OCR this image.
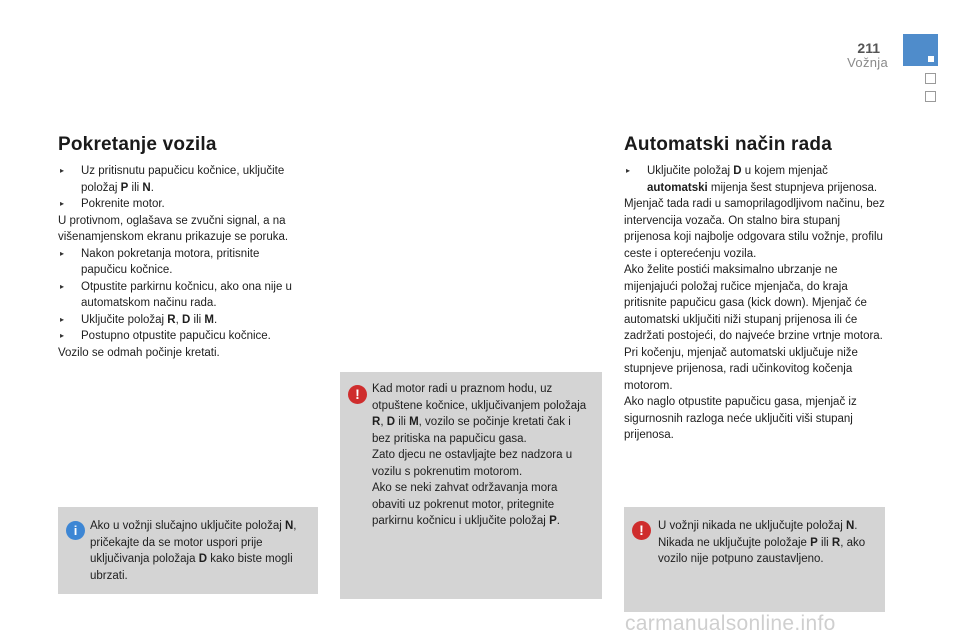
211
Vožnja
Pokretanje vozila

▸ Uz pritisnutu papučicu kočnice, uključite položaj P ili N.

▸ Pokrenite motor.

U protivnom, oglašava se zvučni signal, a na višenamjenskom ekranu prikazuje se poruka.

▸ Nakon pokretanja motora, pritisnite papučicu kočnice.

▸ Otpustite parkirnu kočnicu, ako ona nije u automatskom načinu rada.

▸ Uključite položaj R, D ili M.

▸ Postupno otpustite papučicu kočnice.

Vozilo se odmah počinje kretati.

i	Ako u vožnji slučajno uključite položaj N, pričekajte da se motor uspori prije uključivanja položaja D kako biste mogli ubrzati.

!	Kad motor radi u praznom hodu, uz otpuštene kočnice, uključivanjem položaja R, D ili M, vozilo se počinje kretati čak i bez pritiska na papučicu gasa.

Zato djecu ne ostavljajte bez nadzora u vozilu s pokrenutim motorom.

Ako se neki zahvat održavanja mora obaviti uz pokrenut motor, pritegnite parkirnu kočnicu i uključite položaj P.

Automatski način rada

▸ Uključite položaj D u kojem mjenjač automatski mijenja šest stupnjeva prijenosa.

Mjenjač tada radi u samoprilagodljivom načinu, bez intervencija vozača. On stalno bira stupanj prijenosa koji najbolje odgovara stilu vožnje, profilu ceste i opterećenju vozila.

Ako želite postići maksimalno ubrzanje ne mijenjajući položaj ručice mjenjača, do kraja pritisnite papučicu gasa (kick down). Mjenjač će automatski uključiti niži stupanj prijenosa ili će zadržati postojeći, do najveće brzine vrtnje motora.

Pri kočenju, mjenjač automatski uključuje niže stupnjeve prijenosa, radi učinkovitog kočenja motorom.

Ako naglo otpustite papučicu gasa, mjenjač iz sigurnosnih razloga neće uključiti viši stupanj prijenosa.

!	U vožnji nikada ne uključujte položaj N. Nikada ne uključujte položaje P ili R, ako vozilo nije potpuno zaustavljeno.

carmanualsonline.info
